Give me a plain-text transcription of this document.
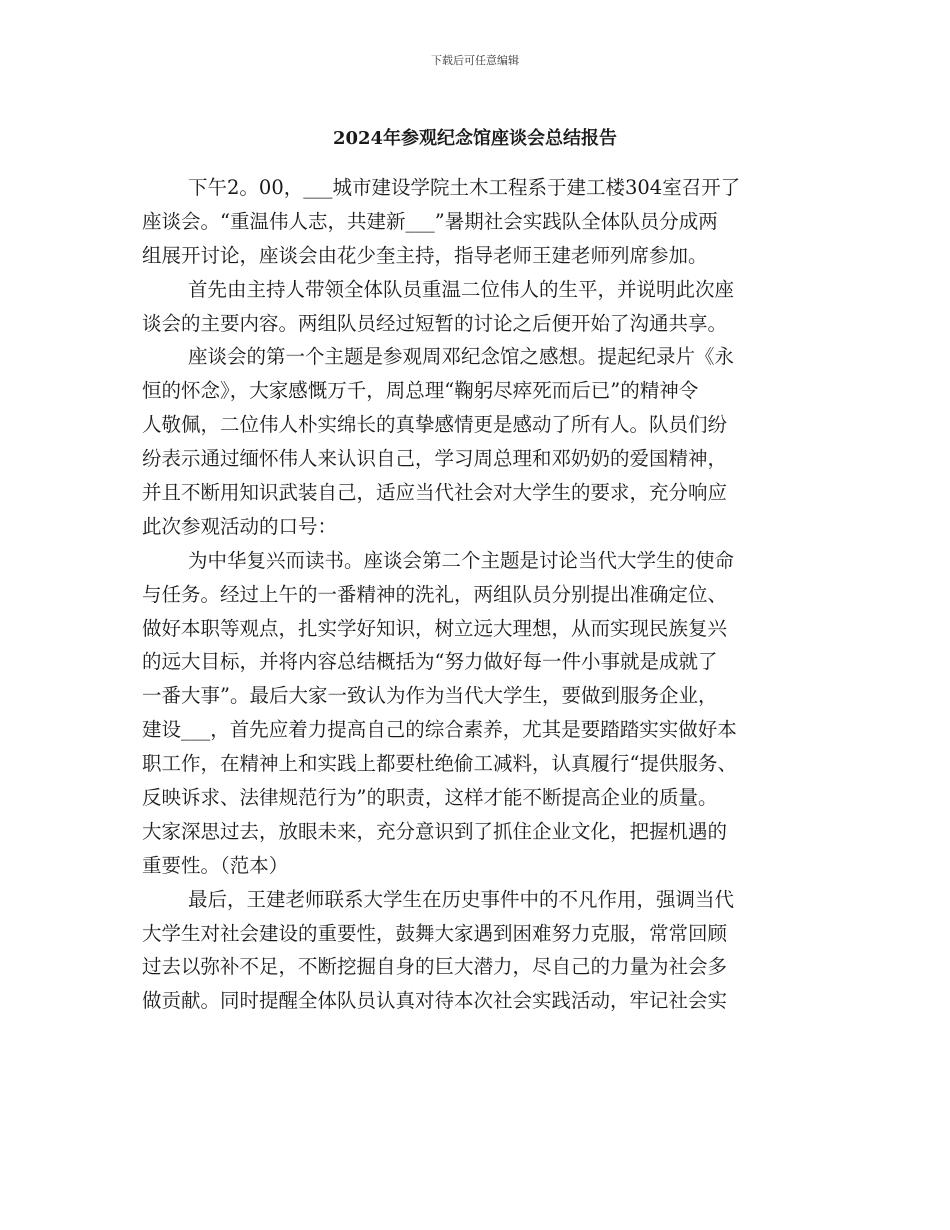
下载后可任意编辑
2024年参观纪念馆座谈会总结报告
下午2。00，___城市建设学院土木工程系于建工楼304室召开了
座谈会。“重温伟人志，共建新___”暑期社会实践队全体队员分成两
组展开讨论，座谈会由花少奎主持，指导老师王建老师列席参加。
首先由主持人带领全体队员重温二位伟人的生平，并说明此次座
谈会的主要内容。两组队员经过短暂的讨论之后便开始了沟通共享。
座谈会的第一个主题是参观周邓纪念馆之感想。提起纪录片《永
恒的怀念》，大家感慨万千，周总理“鞠躬尽瘁死而后已”的精神令
人敬佩，二位伟人朴实绵长的真挚感情更是感动了所有人。队员们纷
纷表示通过缅怀伟人来认识自己，学习周总理和邓奶奶的爱国精神，
并且不断用知识武装自己，适应当代社会对大学生的要求，充分响应
此次参观活动的口号：
为中华复兴而读书。座谈会第二个主题是讨论当代大学生的使命
与任务。经过上午的一番精神的洗礼，两组队员分别提出准确定位、
做好本职等观点，扎实学好知识，树立远大理想，从而实现民族复兴
的远大目标，并将内容总结概括为“努力做好每一件小事就是成就了
一番大事”。最后大家一致认为作为当代大学生，要做到服务企业，
建设___，首先应着力提高自己的综合素养，尤其是要踏踏实实做好本
职工作，在精神上和实践上都要杜绝偷工减料，认真履行“提供服务、
反映诉求、法律规范行为”的职责，这样才能不断提高企业的质量。
大家深思过去，放眼未来，充分意识到了抓住企业文化，把握机遇的
重要性。（范本）
最后，王建老师联系大学生在历史事件中的不凡作用，强调当代
大学生对社会建设的重要性，鼓舞大家遇到困难努力克服，常常回顾
过去以弥补不足，不断挖掘自身的巨大潜力，尽自己的力量为社会多
做贡献。同时提醒全体队员认真对待本次社会实践活动，牢记社会实
